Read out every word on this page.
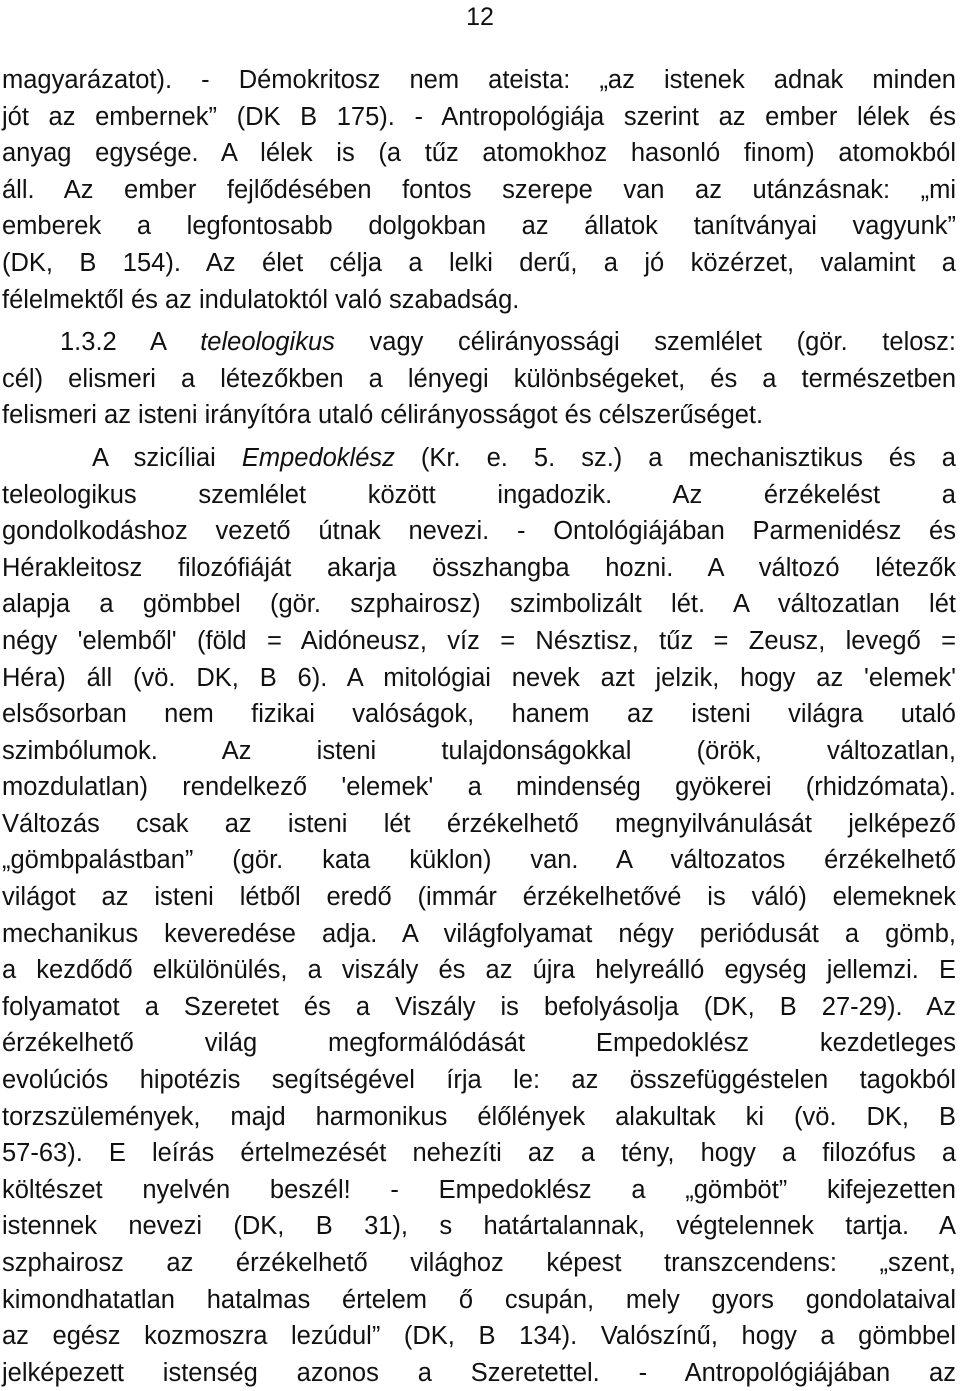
12
magyarázatot). - Démokritosz nem ateista: „az istenek adnak minden
jót az embernek” (DK B 175). - Antropológiája szerint az ember lélek és
anyag egysége. A lélek is (a tűz atomokhoz hasonló finom) atomokból
áll. Az ember fejlődésében fontos szerepe van az utánzásnak: „mi
emberek a legfontosabb dolgokban az állatok tanítványai vagyunk”
(DK, B 154). Az élet célja a lelki derű, a jó közérzet, valamint a
félelmektől és az indulatoktól való szabadság.
1.3.2 A teleologikus vagy célirányossági szemlélet (gör. telosz:
cél) elismeri a létezőkben a lényegi különbségeket, és a természetben
felismeri az isteni irányítóra utaló célirányosságot és célszerűséget.
A szicíliai Empedoklész (Kr. e. 5. sz.) a mechanisztikus és a
teleologikus szemlélet között ingadozik. Az érzékelést a
gondolkodáshoz vezető útnak nevezi. - Ontológiájában Parmenidész és
Hérakleitosz filozófiáját akarja összhangba hozni. A változó létezők
alapja a gömbbel (gör. szphairosz) szimbolizált lét. A változatlan lét
négy 'elemből' (föld = Aidóneusz, víz = Nésztisz, tűz = Zeusz, levegő =
Héra) áll (vö. DK, B 6). A mitológiai nevek azt jelzik, hogy az 'elemek'
elsősorban nem fizikai valóságok, hanem az isteni világra utaló
szimbólumok. Az isteni tulajdonságokkal (örök, változatlan,
mozdulatlan) rendelkező 'elemek' a mindenség gyökerei (rhidzómata).
Változás csak az isteni lét érzékelhető megnyilvánulását jelképező
„gömbpalástban” (gör. kata küklon) van. A változatos érzékelhető
világot az isteni létből eredő (immár érzékelhetővé is váló) elemeknek
mechanikus keveredése adja. A világfolyamat négy periódusát a gömb,
a kezdődő elkülönülés, a viszály és az újra helyreálló egység jellemzi. E
folyamatot a Szeretet és a Viszály is befolyásolja (DK, B 27-29). Az
érzékelhető világ megformálódását Empedoklész kezdetleges
evolúciós hipotézis segítségével írja le: az összefüggéstelen tagokból
torzszülemények, majd harmonikus élőlények alakultak ki (vö. DK, B
57-63). E leírás értelmezését nehezíti az a tény, hogy a filozófus a
költészet nyelvén beszél! - Empedoklész a „gömböt” kifejezetten
istennek nevezi (DK, B 31), s határtalannak, végtelennek tartja. A
szphairosz az érzékelhető világhoz képest transzcendens: „szent,
kimondhatatlan hatalmas értelem ő csupán, mely gyors gondolataival
az egész kozmoszra lezúdul” (DK, B 134). Valószínű, hogy a gömbbel
jelképezett istenség azonos a Szeretettel. - Antropológiájában az
